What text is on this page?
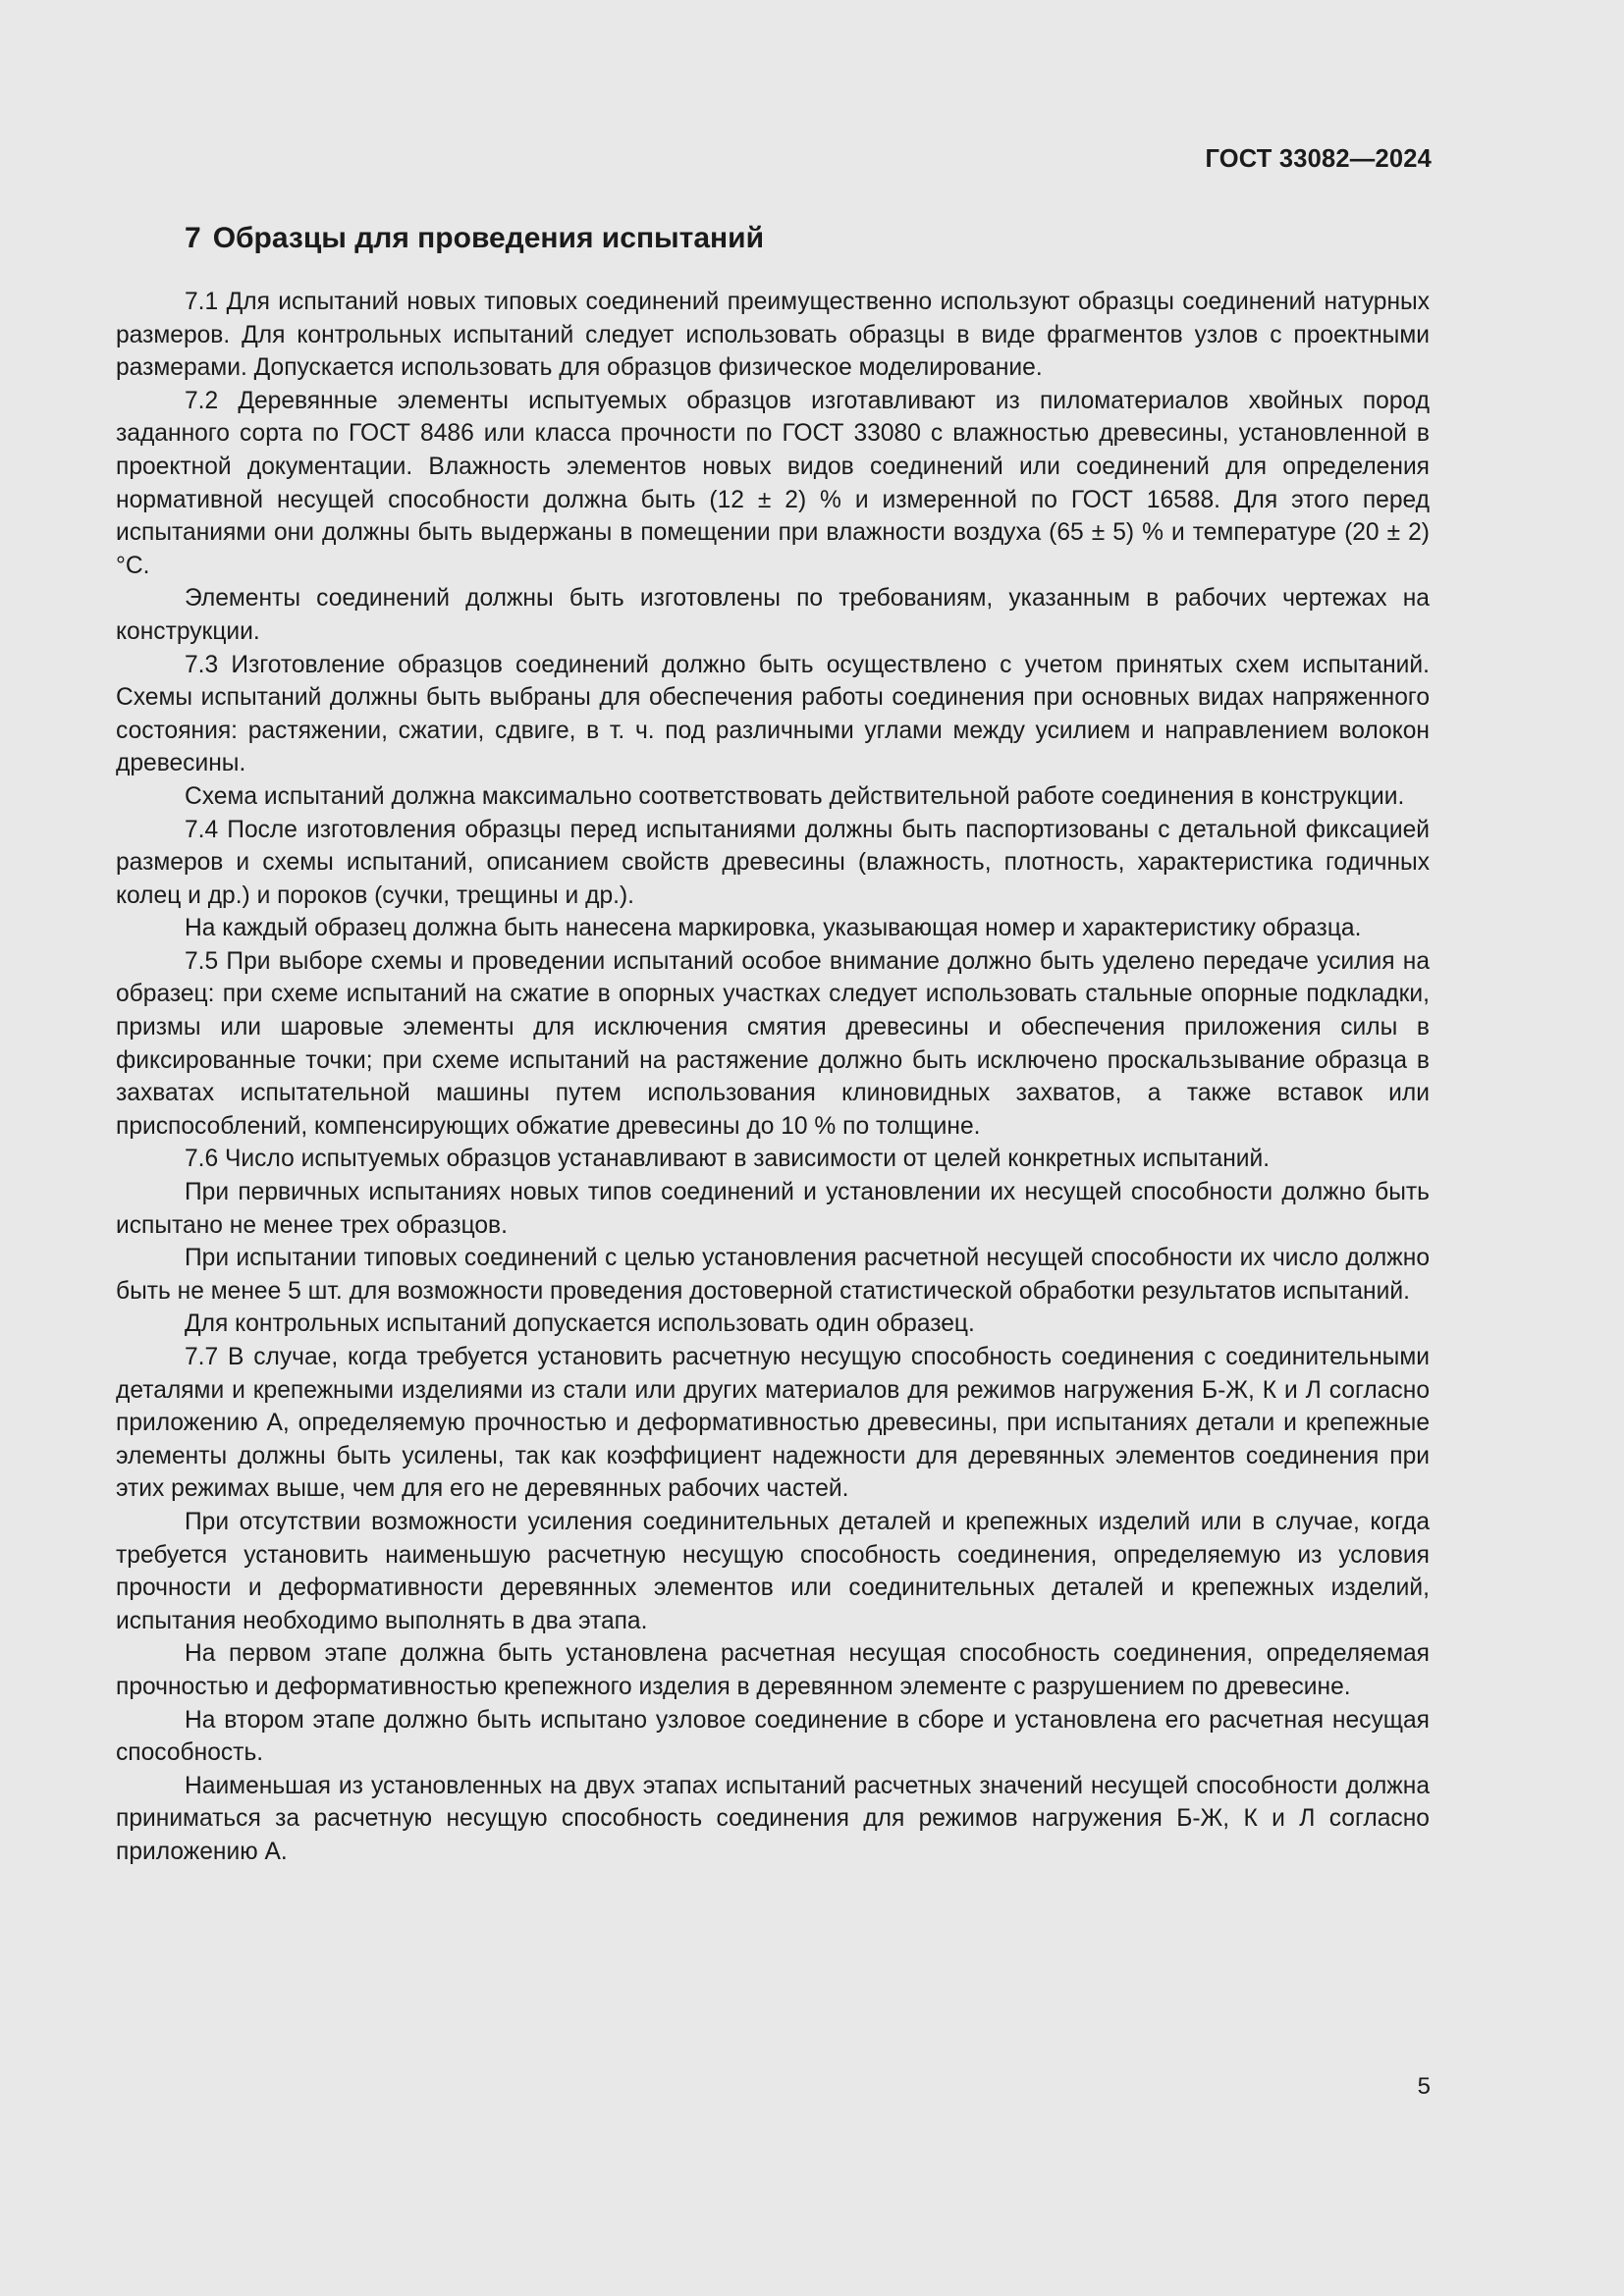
ГОСТ 33082—2024
7 Образцы для проведения испытаний

7.1 Для испытаний новых типовых соединений преимущественно используют образцы соединений натурных размеров. Для контрольных испытаний следует использовать образцы в виде фрагментов узлов с проектными размерами. Допускается использовать для образцов физическое моделирование.

7.2 Деревянные элементы испытуемых образцов изготавливают из пиломатериалов хвойных пород заданного сорта по ГОСТ 8486 или класса прочности по ГОСТ 33080 с влажностью древесины, установленной в проектной документации. Влажность элементов новых видов соединений или соединений для определения нормативной несущей способности должна быть (12 ± 2) % и измеренной по ГОСТ 16588. Для этого перед испытаниями они должны быть выдержаны в помещении при влажности воздуха (65 ± 5) % и температуре (20 ± 2) °С.

Элементы соединений должны быть изготовлены по требованиям, указанным в рабочих чертежах на конструкции.

7.3 Изготовление образцов соединений должно быть осуществлено с учетом принятых схем испытаний. Схемы испытаний должны быть выбраны для обеспечения работы соединения при основных видах напряженного состояния: растяжении, сжатии, сдвиге, в т. ч. под различными углами между усилием и направлением волокон древесины.

Схема испытаний должна максимально соответствовать действительной работе соединения в конструкции.

7.4 После изготовления образцы перед испытаниями должны быть паспортизованы с детальной фиксацией размеров и схемы испытаний, описанием свойств древесины (влажность, плотность, характеристика годичных колец и др.) и пороков (сучки, трещины и др.).

На каждый образец должна быть нанесена маркировка, указывающая номер и характеристику образца.

7.5 При выборе схемы и проведении испытаний особое внимание должно быть уделено передаче усилия на образец: при схеме испытаний на сжатие в опорных участках следует использовать стальные опорные подкладки, призмы или шаровые элементы для исключения смятия древесины и обеспечения приложения силы в фиксированные точки; при схеме испытаний на растяжение должно быть исключено проскальзывание образца в захватах испытательной машины путем использования клиновидных захватов, а также вставок или приспособлений, компенсирующих обжатие древесины до 10 % по толщине.

7.6 Число испытуемых образцов устанавливают в зависимости от целей конкретных испытаний.

При первичных испытаниях новых типов соединений и установлении их несущей способности должно быть испытано не менее трех образцов.

При испытании типовых соединений с целью установления расчетной несущей способности их число должно быть не менее 5 шт. для возможности проведения достоверной статистической обработки результатов испытаний.

Для контрольных испытаний допускается использовать один образец.

7.7 В случае, когда требуется установить расчетную несущую способность соединения с соединительными деталями и крепежными изделиями из стали или других материалов для режимов нагружения Б-Ж, К и Л согласно приложению А, определяемую прочностью и деформативностью древесины, при испытаниях детали и крепежные элементы должны быть усилены, так как коэффициент надежности для деревянных элементов соединения при этих режимах выше, чем для его не деревянных рабочих частей.

При отсутствии возможности усиления соединительных деталей и крепежных изделий или в случае, когда требуется установить наименьшую расчетную несущую способность соединения, определяемую из условия прочности и деформативности деревянных элементов или соединительных деталей и крепежных изделий, испытания необходимо выполнять в два этапа.

На первом этапе должна быть установлена расчетная несущая способность соединения, определяемая прочностью и деформативностью крепежного изделия в деревянном элементе с разрушением по древесине.

На втором этапе должно быть испытано узловое соединение в сборе и установлена его расчетная несущая способность.

Наименьшая из установленных на двух этапах испытаний расчетных значений несущей способности должна приниматься за расчетную несущую способность соединения для режимов нагружения Б-Ж, К и Л согласно приложению А.

5
